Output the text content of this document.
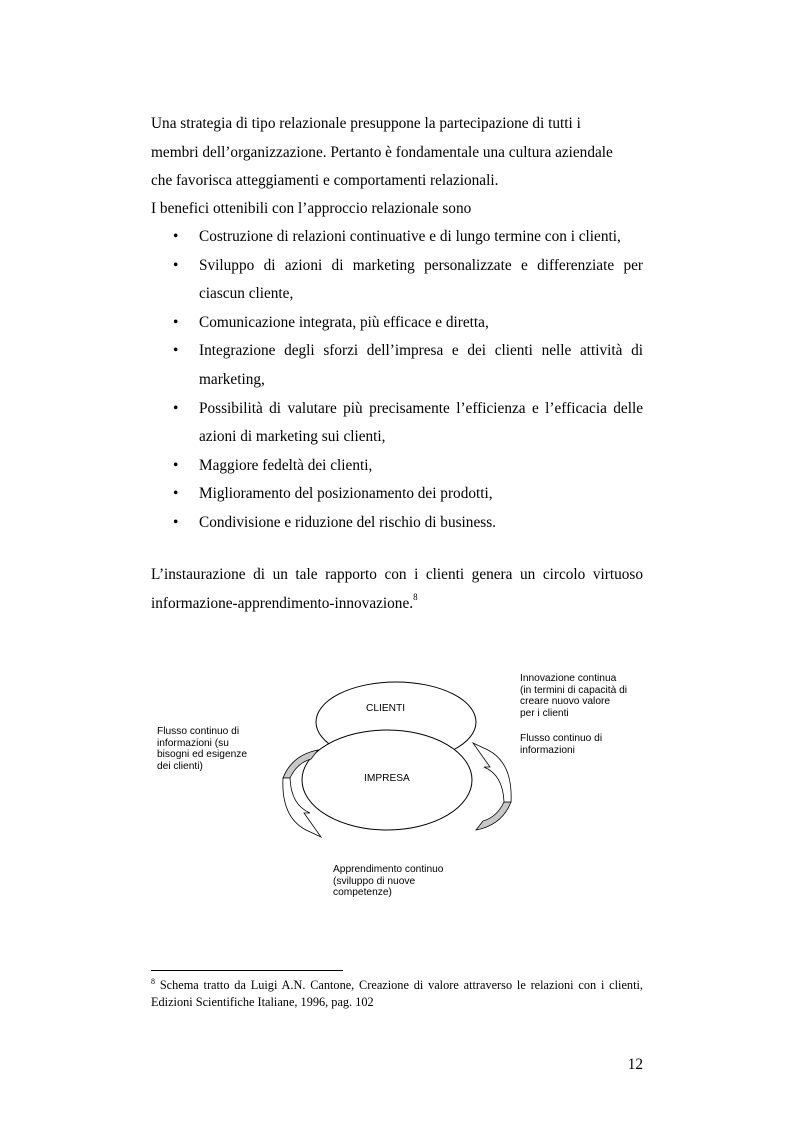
Una strategia di tipo relazionale presuppone la partecipazione di tutti i
membri dell’organizzazione. Pertanto è fondamentale una cultura aziendale
che favorisca atteggiamenti e comportamenti relazionali.

I benefici ottenibili con l’approccio relazionale sono

• Costruzione di relazioni continuative e di lungo termine con i clienti,
• Sviluppo di azioni di marketing personalizzate e differenziate per ciascun cliente,
• Comunicazione integrata, più efficace e diretta,
• Integrazione degli sforzi dell’impresa e dei clienti nelle attività di marketing,
• Possibilità di valutare più precisamente l’efficienza e l’efficacia delle azioni di marketing sui clienti,
• Maggiore fedeltà dei clienti,
• Miglioramento del posizionamento dei prodotti,
• Condivisione e riduzione del rischio di business.

L’instaurazione di un tale rapporto con i clienti genera un circolo virtuoso informazione-apprendimento-innovazione.$^8$

CLIENTI

IMPRESA

Flusso continuo di
informazioni (su
bisogni ed esigenze
dei clienti)

Innovazione continua
(in termini di capacità di
creare nuovo valore
per i clienti

Flusso continuo di
informazioni

Apprendimento continuo
(sviluppo di nuove
competenze)

$^8$ Schema tratto da Luigi A.N. Cantone, Creazione di valore attraverso le relazioni con i clienti, Edizioni Scientifiche Italiane, 1996, pag. 102

12
